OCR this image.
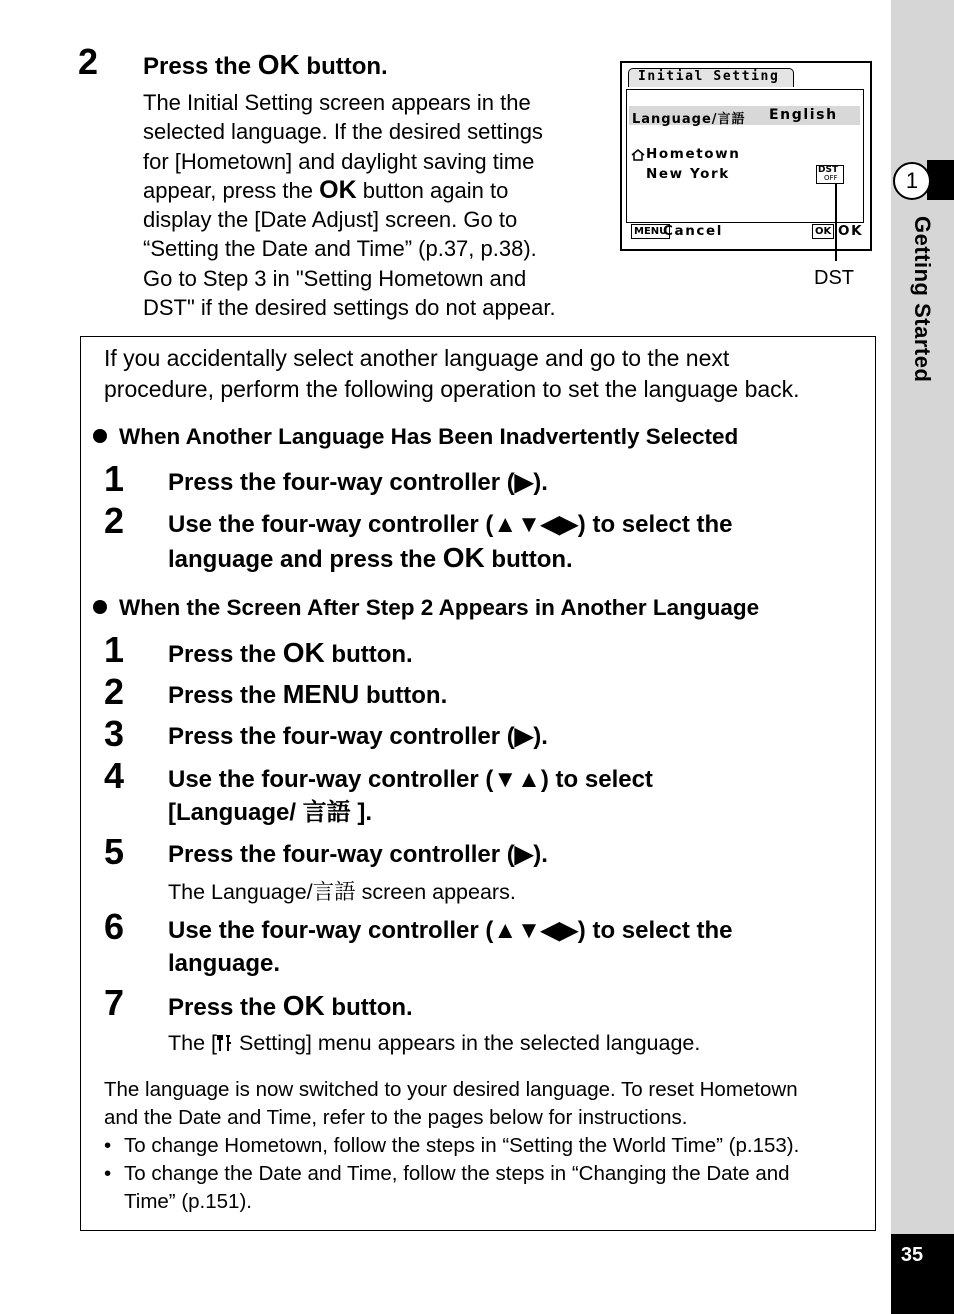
1
Getting Started
35
2 Press the OK button.
The Initial Setting screen appears in the
selected language. If the desired settings
for [Hometown] and daylight saving time
appear, press the OK button again to
display the [Date Adjust] screen. Go to
“Setting the Date and Time” (p.37, p.38).
Go to Step 3 in "Setting Hometown and
DST" if the desired settings do not appear.
Initial Setting
Language/言語 English
Hometown
New York	DST
OFF
MENU
Cancel	OK OK
DST
If you accidentally select another language and go to the next
procedure, perform the following operation to set the language back.
When Another Language Has Been Inadvertently Selected
1 Press the four-way controller (▶).
2 Use the four-way controller (▲▼◀▶) to select the
language and press the OK button.
When the Screen After Step 2 Appears in Another Language
1 Press the OK button.
2 Press the MENU button.
3 Press the four-way controller (▶).
4 Use the four-way controller (▼▲) to select
[Language/ 言語 ].
5 Press the four-way controller (▶).
The Language/言語 screen appears.
6 Use the four-way controller (▲▼◀▶) to select the
language.
7 Press the OK button.
The [ Setting] menu appears in the selected language.
The language is now switched to your desired language. To reset Hometown
and the Date and Time, refer to the pages below for instructions.
• To change Hometown, follow the steps in “Setting the World Time” (p.153).
• To change the Date and Time, follow the steps in “Changing the Date and
Time” (p.151).
